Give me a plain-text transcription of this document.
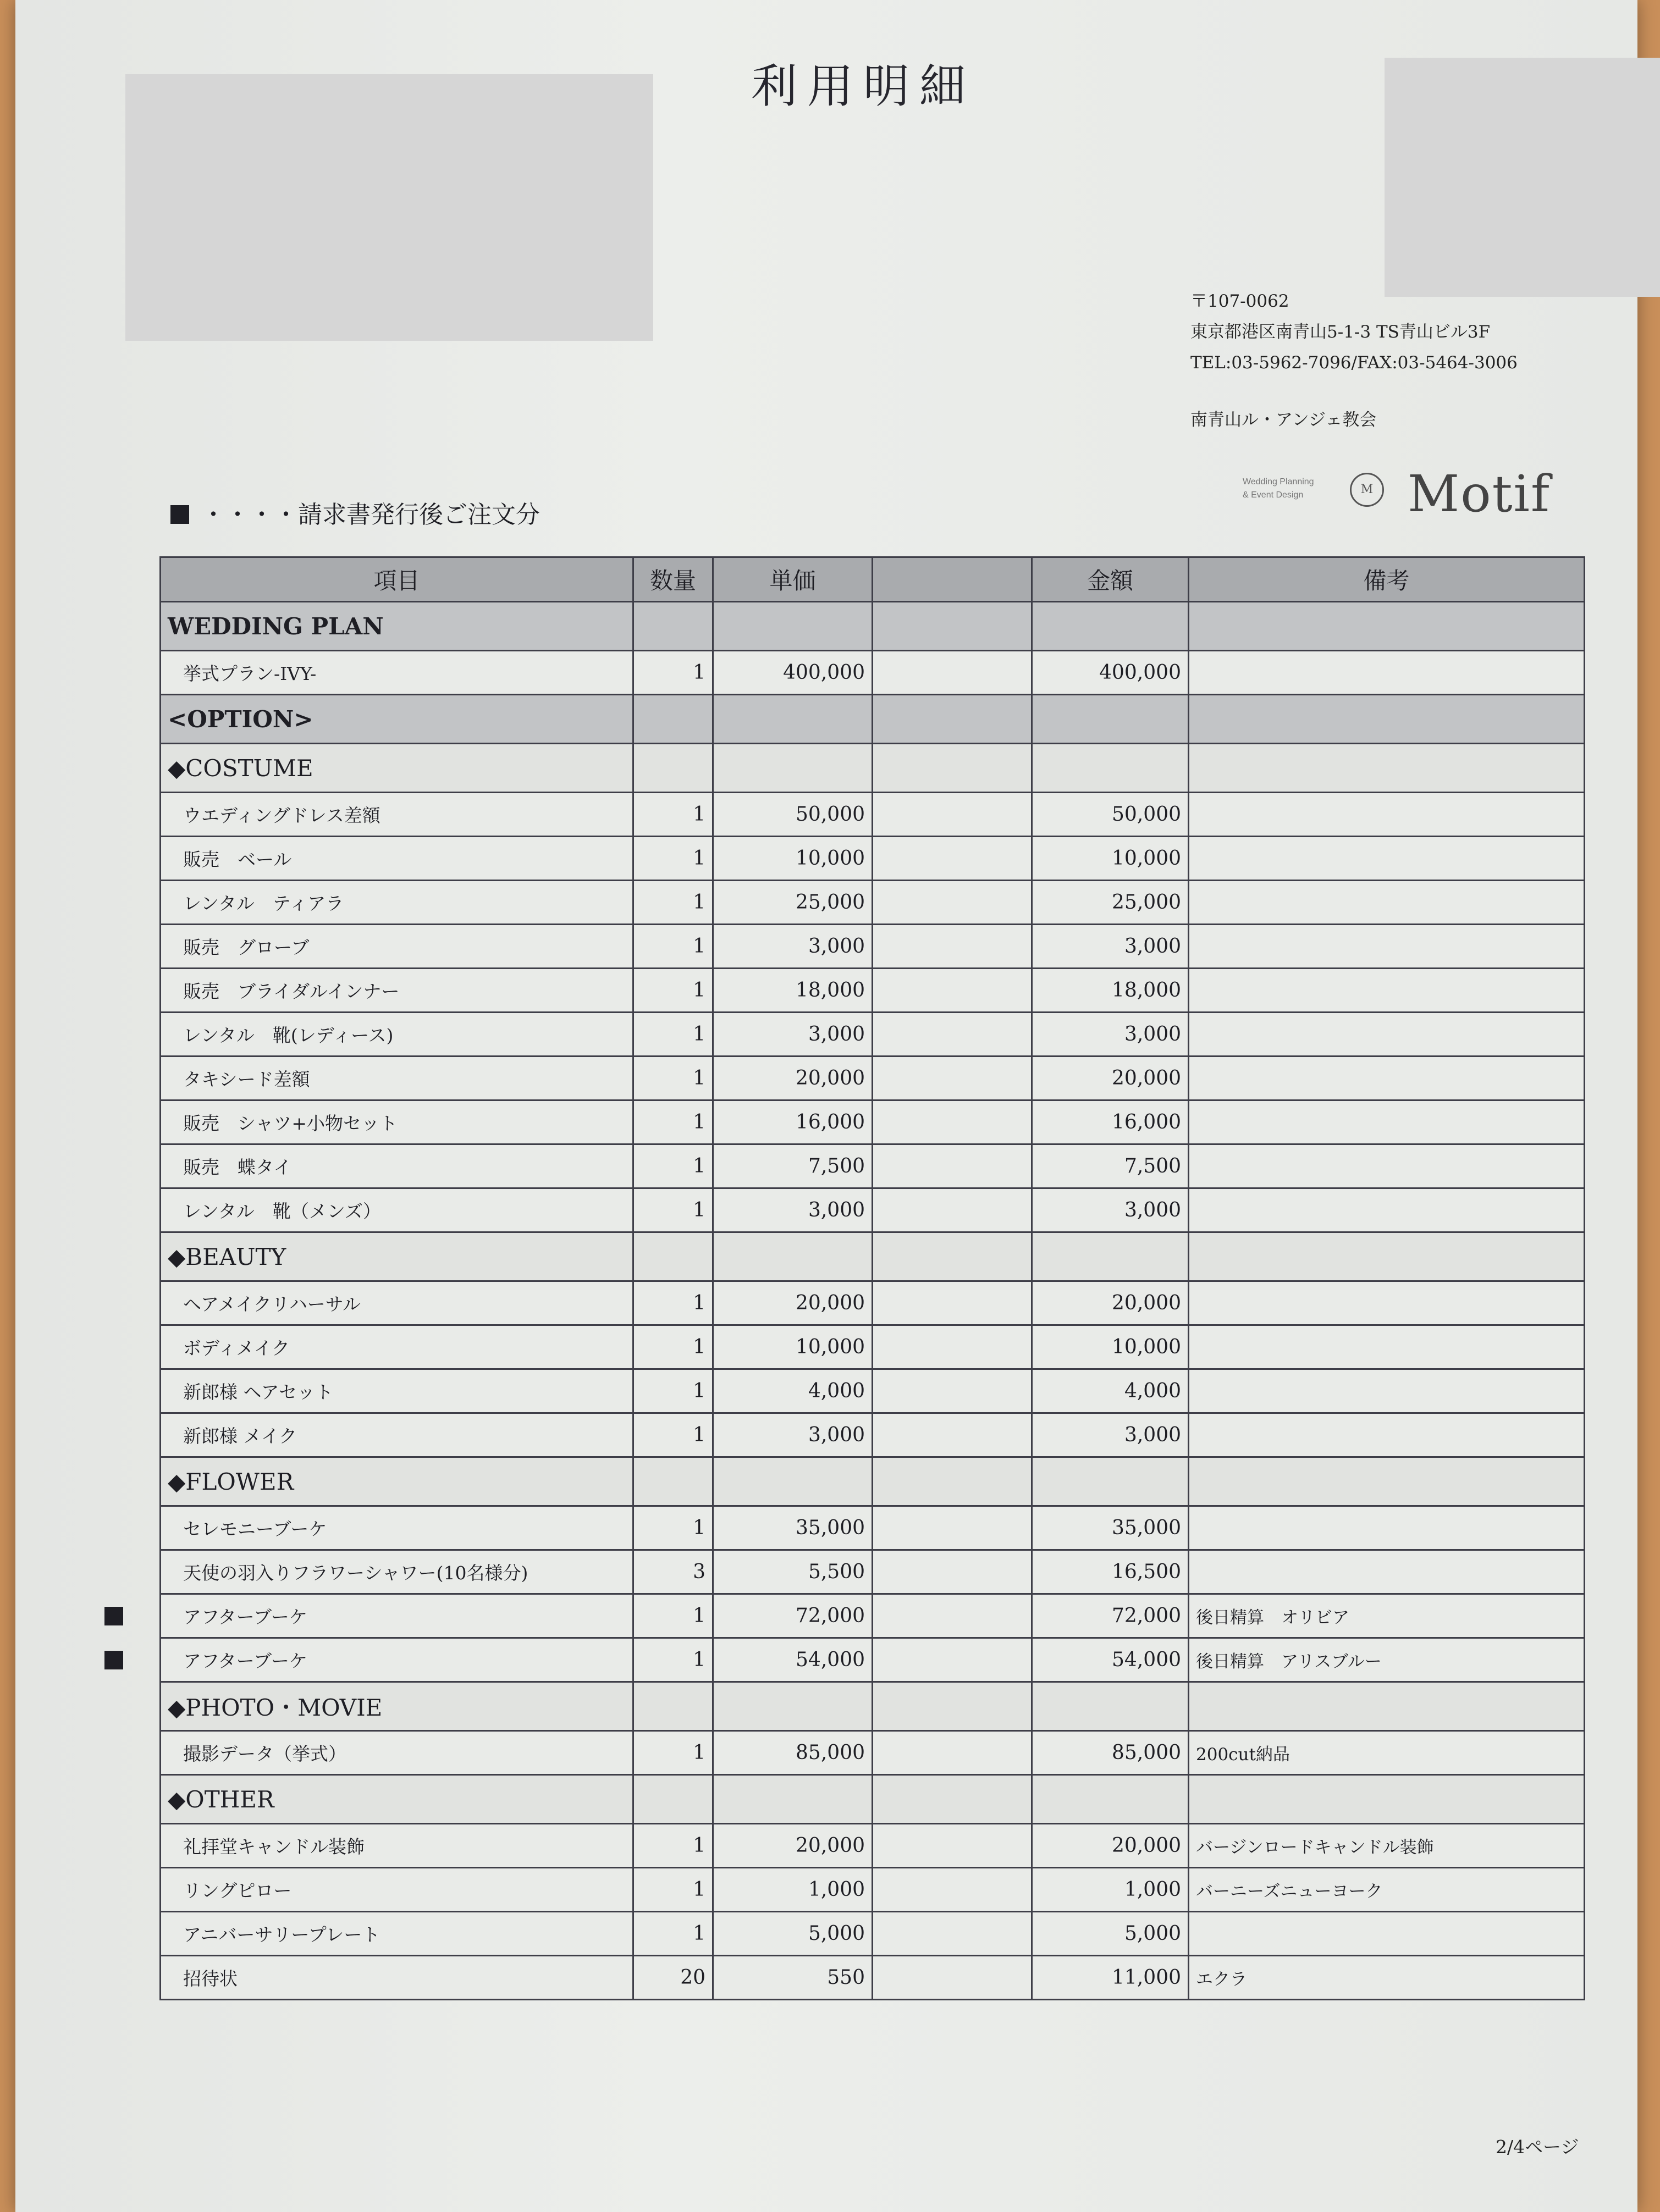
利用明細
〒107-0062
東京都港区南青山5-1-3 TS青山ビル3F
TEL:03-5962-7096/FAX:03-5464-3006
南青山ル・アンジェ教会
Wedding Planning
& Event Design	M Motif
・・・・請求書発行後ご注文分
項目	数量	単価		金額	備考
WEDDING PLAN					
挙式プラン-IVY-	1	400,000		400,000	
<OPTION>					
◆COSTUME					
ウエディングドレス差額	1	50,000		50,000	
販売　ベール	1	10,000		10,000	
レンタル　ティアラ	1	25,000		25,000	
販売　グローブ	1	3,000		3,000	
販売　ブライダルインナー	1	18,000		18,000	
レンタル　靴(レディース)	1	3,000		3,000	
タキシード差額	1	20,000		20,000	
販売　シャツ+小物セット	1	16,000		16,000	
販売　蝶タイ	1	7,500		7,500	
レンタル　靴（メンズ）	1	3,000		3,000	
◆BEAUTY					
ヘアメイクリハーサル	1	20,000		20,000	
ボディメイク	1	10,000		10,000	
新郎様 ヘアセット	1	4,000		4,000	
新郎様 メイク	1	3,000		3,000	
◆FLOWER					
セレモニーブーケ	1	35,000		35,000	
天使の羽入りフラワーシャワー(10名様分)	3	5,500		16,500	
アフターブーケ	1	72,000		72,000	後日精算　オリビア
アフターブーケ	1	54,000		54,000	後日精算　アリスブルー
◆PHOTO・MOVIE					
撮影データ（挙式）	1	85,000		85,000	200cut納品
◆OTHER					
礼拝堂キャンドル装飾	1	20,000		20,000	バージンロードキャンドル装飾
リングピロー	1	1,000		1,000	バーニーズニューヨーク
アニバーサリープレート	1	5,000		5,000	
招待状	20	550		11,000	エクラ
2/4ページ
